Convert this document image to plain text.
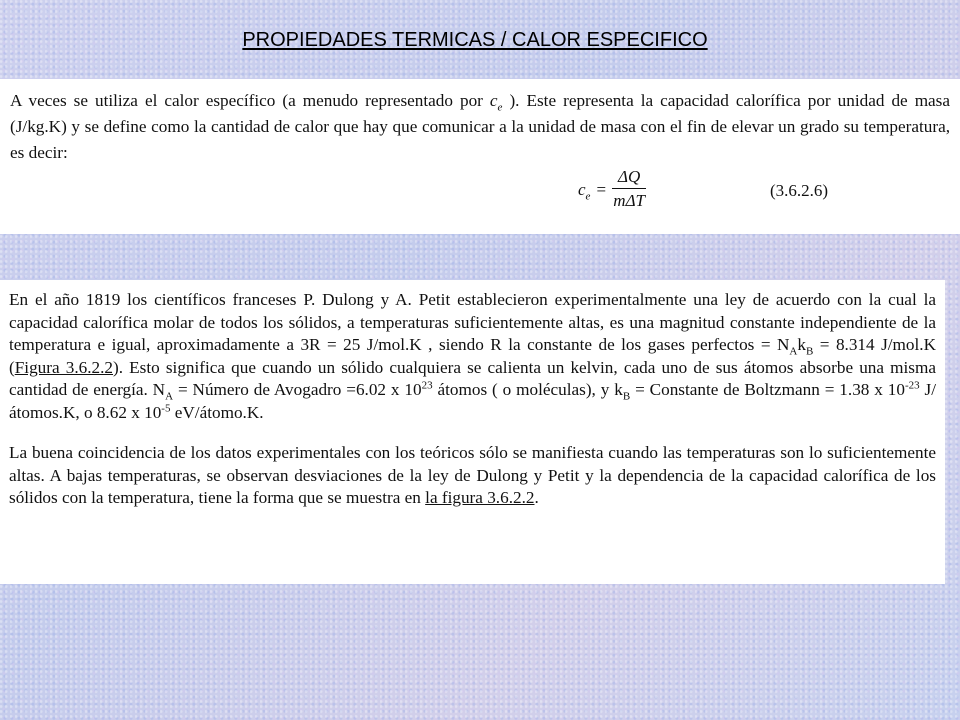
PROPIEDADES TERMICAS / CALOR ESPECIFICO

A veces se utiliza el calor específico (a menudo representado por $c_e$ ). Este representa la capacidad calorífica por unidad de masa (J/kg.K) y se define como la cantidad de calor que hay que comunicar a la unidad de masa con el fin de elevar un grado su temperatura, es decir:

$c_e = \frac{\Delta Q}{\text{mΔT}}$	(3.6.2.6)

En el año 1819 los científicos franceses P. Dulong y A. Petit establecieron experimentalmente una ley de acuerdo con la cual la capacidad calorífica molar de todos los sólidos, a temperaturas suficientemente altas, es una magnitud constante independiente de la temperatura e igual, aproximadamente a 3R = 25 J/mol.K , siendo R la constante de los gases perfectos = $N_Ak_B = 8.314$ J/mol.K (Figura 3.6.2.2). Esto significa que cuando un sólido cualquiera se calienta un kelvin, cada uno de sus átomos absorbe una misma cantidad de energía. $N_A$ = Número de Avogadro =6.02 x $10^{23}$ átomos ( o moléculas), y $k_B$ = Constante de Boltzmann = 1.38 x $10^{-23}$ J/átomos.K, o 8.62 x $10^{-5}$ eV/átomo.K.

La buena coincidencia de los datos experimentales con los teóricos sólo se manifiesta cuando las temperaturas son lo suficientemente altas. A bajas temperaturas, se observan desviaciones de la ley de Dulong y Petit y la dependencia de la capacidad calorífica de los sólidos con la temperatura, tiene la forma que se muestra en la figura 3.6.2.2.
